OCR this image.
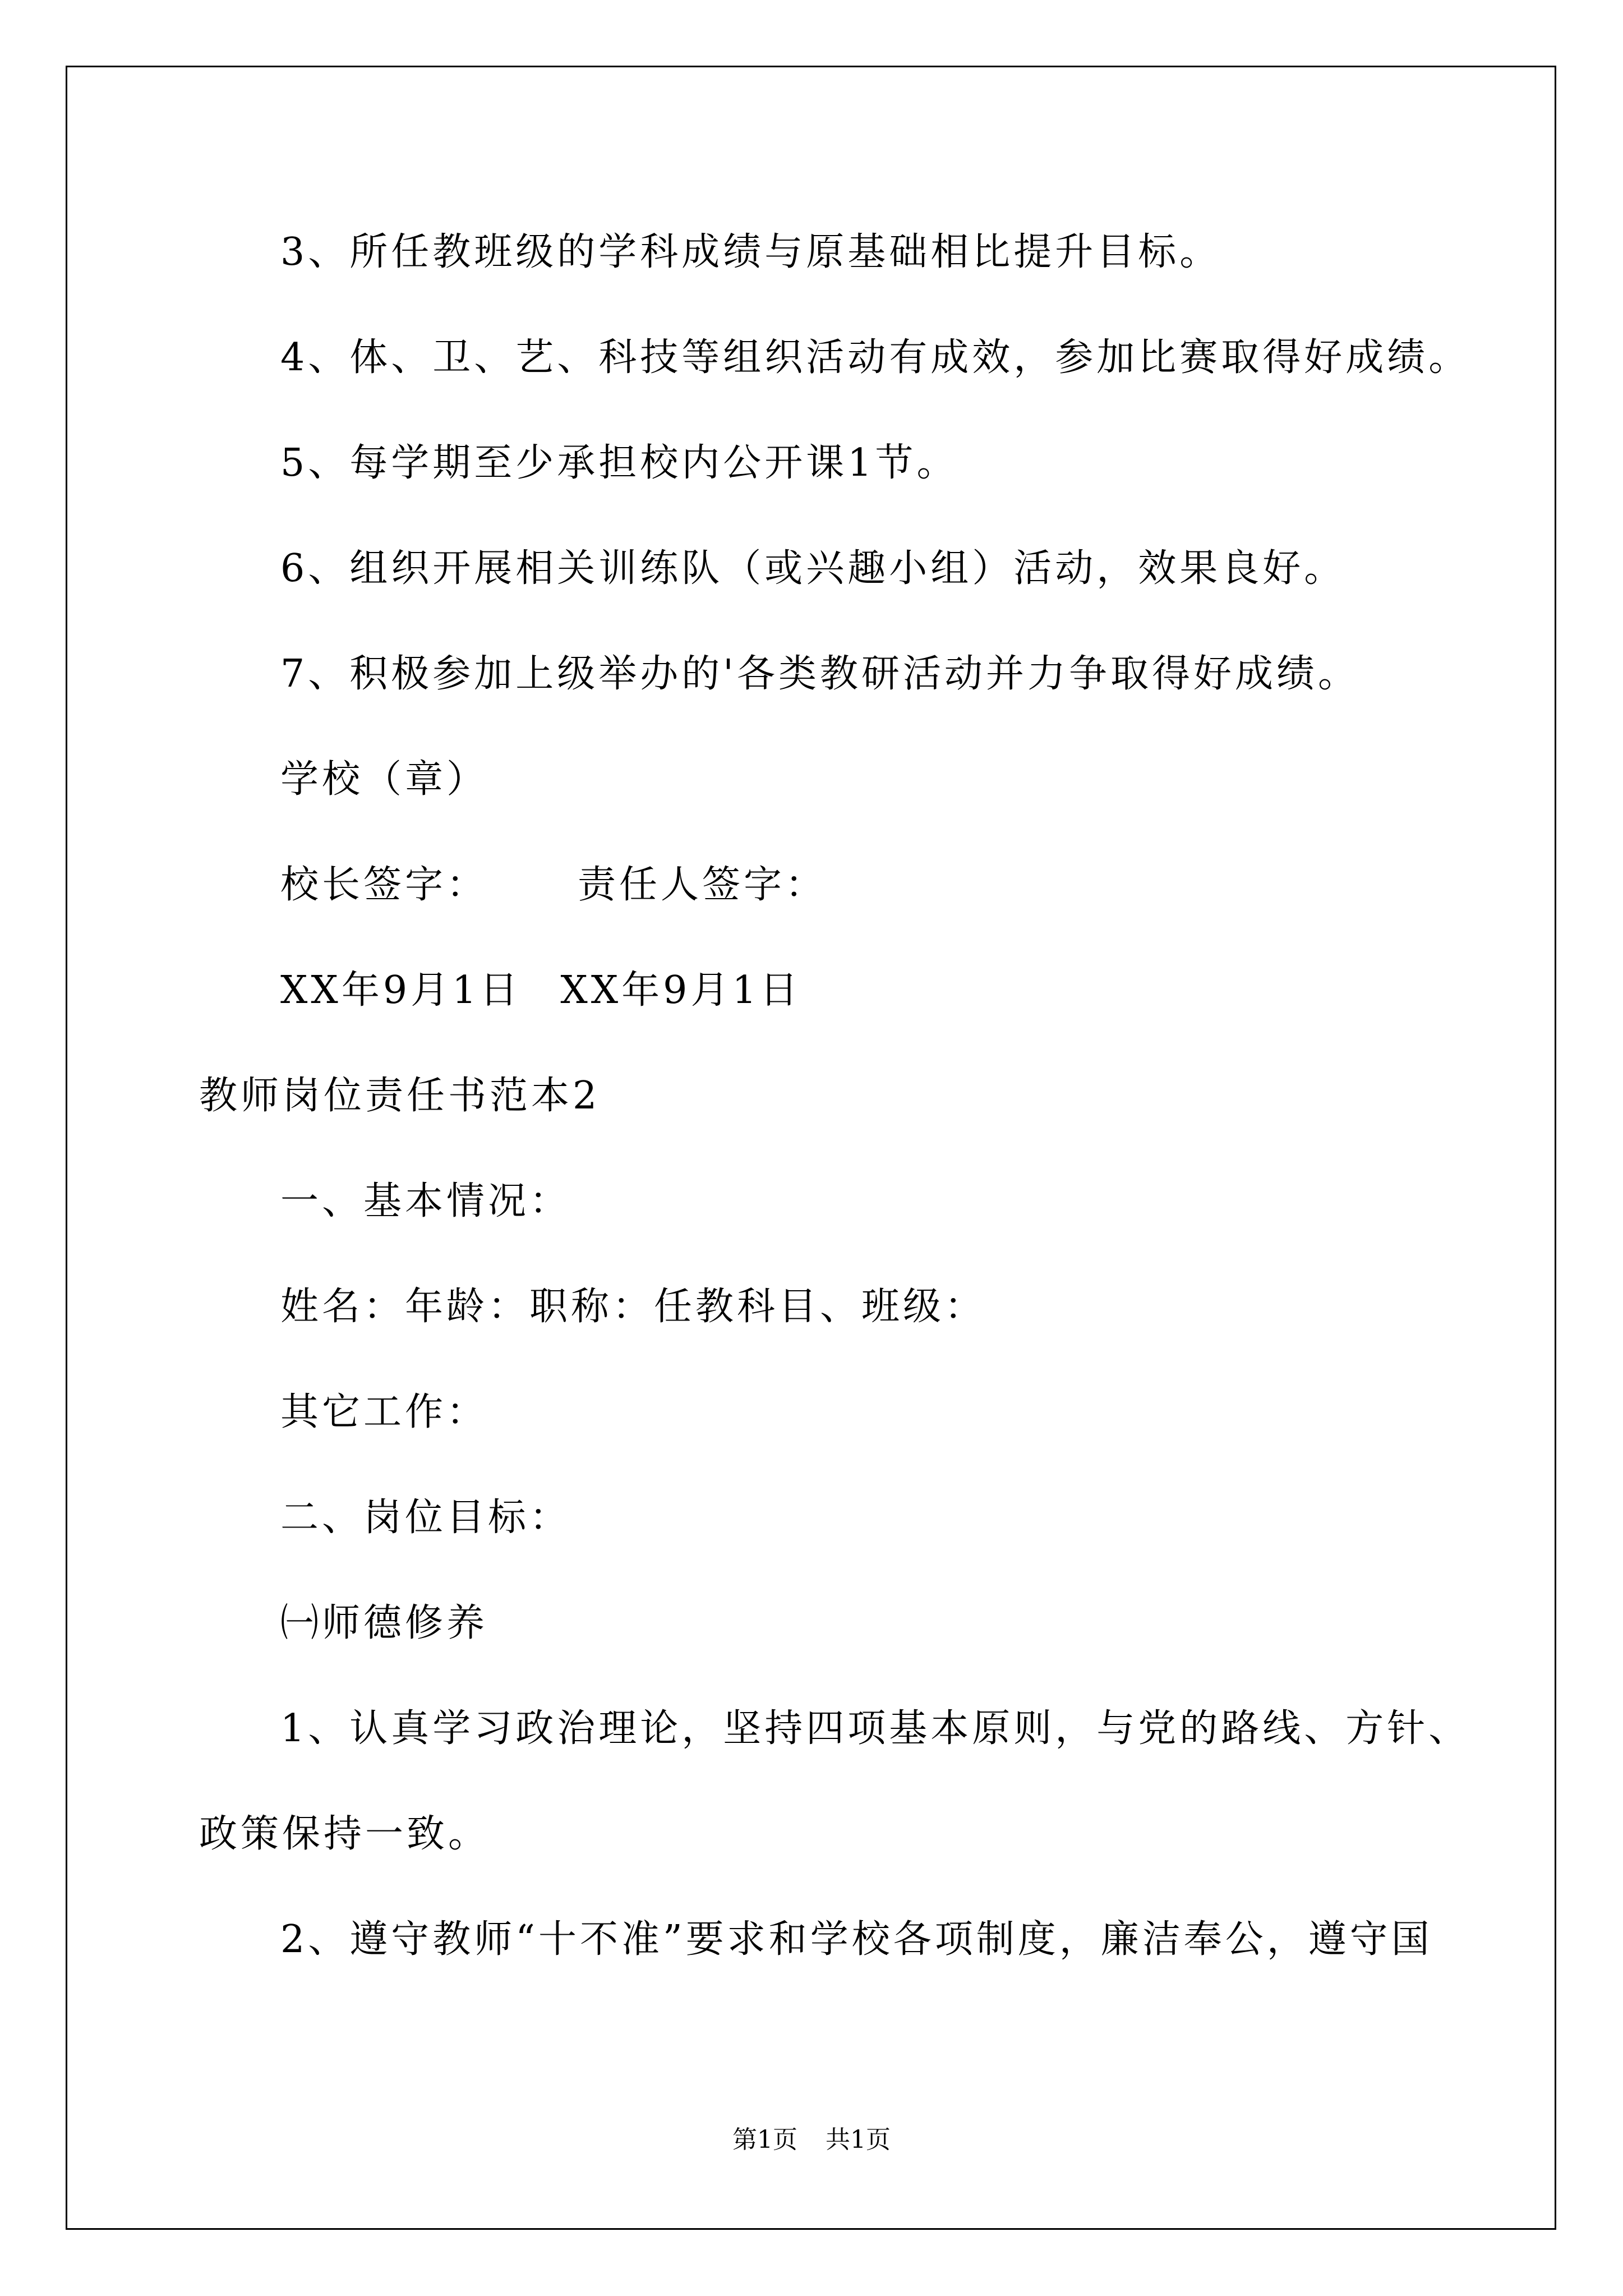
3、所任教班级的学科成绩与原基础相比提升目标。
4、体、卫、艺、科技等组织活动有成效，参加比赛取得好成绩。
5、每学期至少承担校内公开课1节。
6、组织开展相关训练队（或兴趣小组）活动，效果良好。
7、积极参加上级举办的'各类教研活动并力争取得好成绩。
学校（章）
校长签字： 责任人签字：
XX年9月1日 XX年9月1日
教师岗位责任书范本2
一、基本情况：
姓名：年龄：职称：任教科目、班级：
其它工作：
二、岗位目标：
㈠师德修养
1、认真学习政治理论，坚持四项基本原则，与党的路线、方针、
政策保持一致。
2、遵守教师“十不准”要求和学校各项制度，廉洁奉公，遵守国
第1页 共1页
